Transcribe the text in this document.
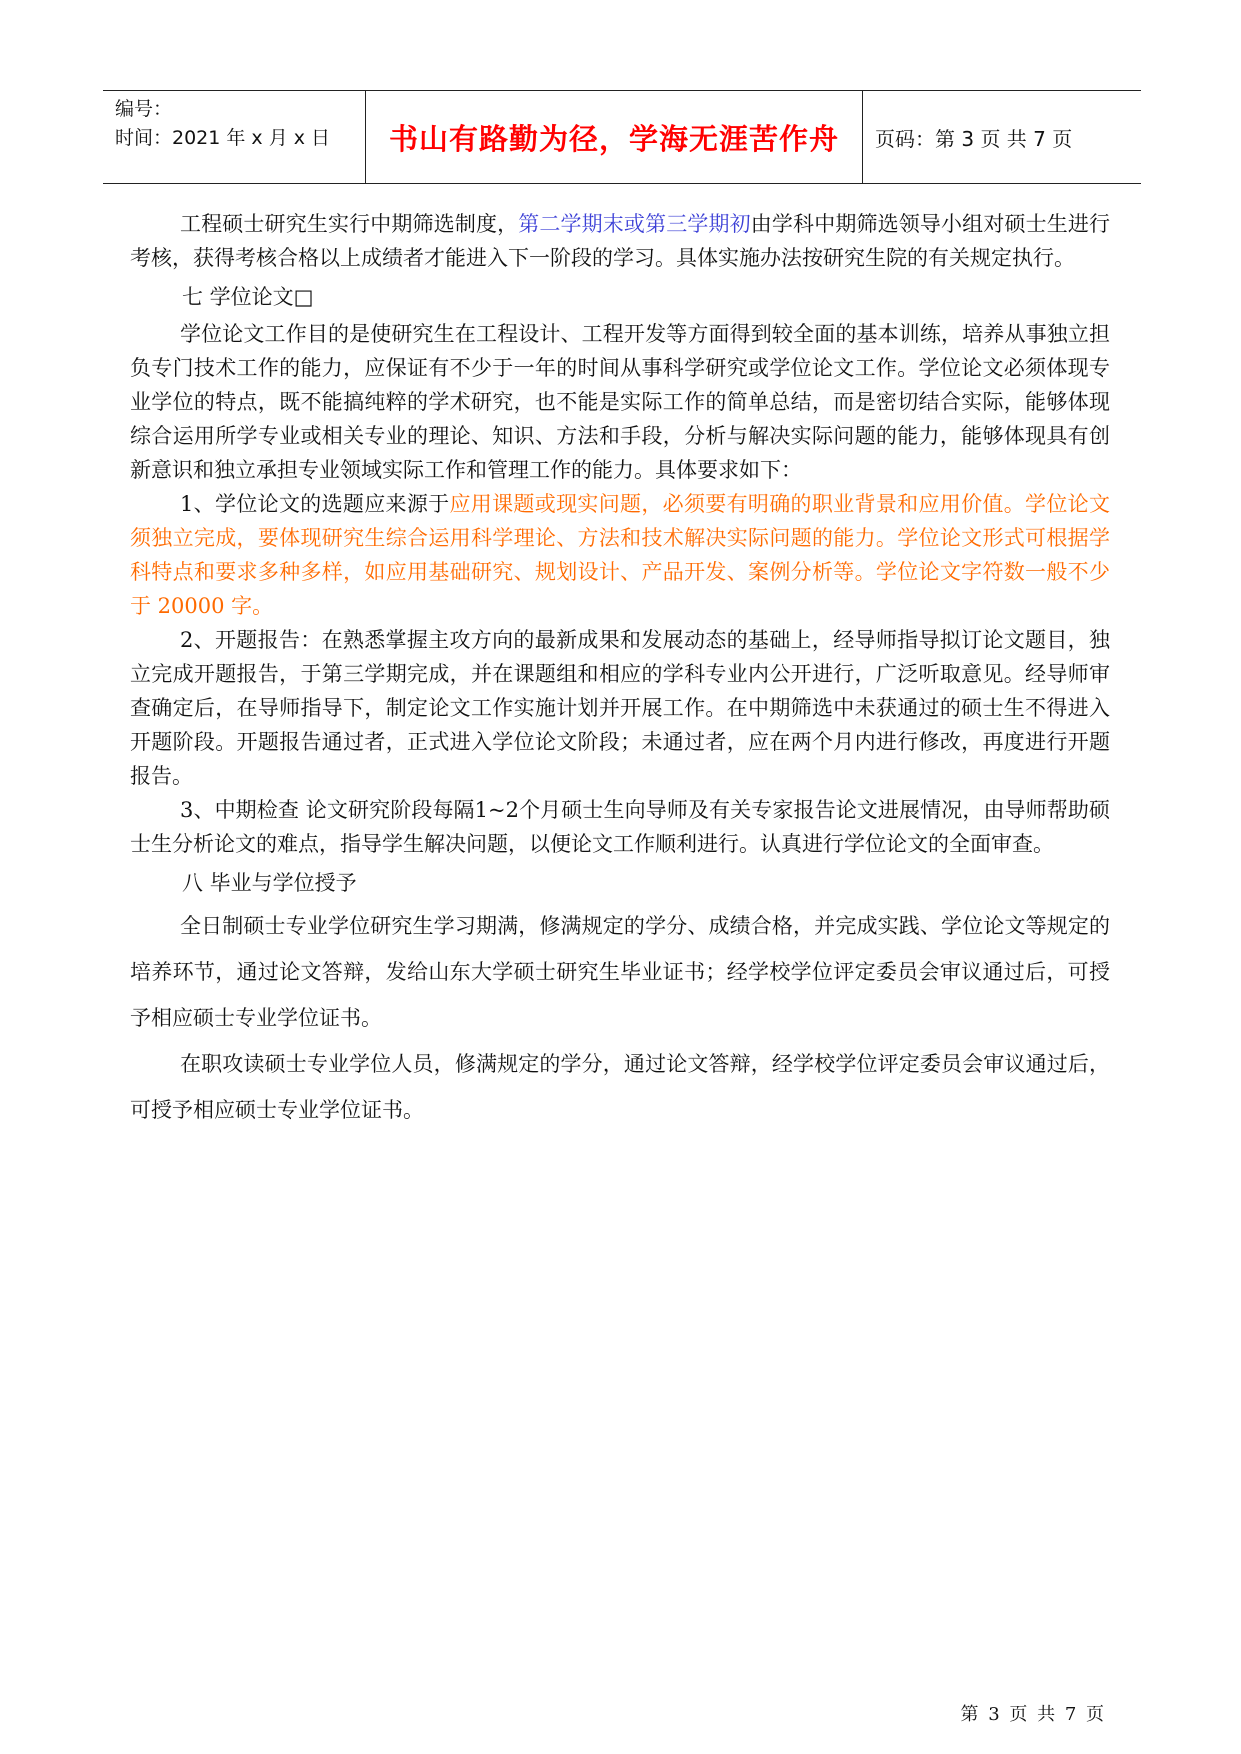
编号：
时间：2021 年 x 月 x 日	书山有路勤为径，学海无涯苦作舟 页码：第 3 页 共 7 页

工程硕士研究生实行中期筛选制度，第二学期末或第三学期初由学科中期筛选领导小组对硕士生进行考核，获得考核合格以上成绩者才能进入下一阶段的学习。具体实施办法按研究生院的有关规定执行。

七 学位论文□

学位论文工作目的是使研究生在工程设计、工程开发等方面得到较全面的基本训练，培养从事独立担负专门技术工作的能力，应保证有不少于一年的时间从事科学研究或学位论文工作。学位论文必须体现专业学位的特点，既不能搞纯粹的学术研究，也不能是实际工作的简单总结，而是密切结合实际，能够体现综合运用所学专业或相关专业的理论、知识、方法和手段，分析与解决实际问题的能力，能够体现具有创新意识和独立承担专业领域实际工作和管理工作的能力。具体要求如下：

1、学位论文的选题应来源于应用课题或现实问题，必须要有明确的职业背景和应用价值。学位论文须独立完成，要体现研究生综合运用科学理论、方法和技术解决实际问题的能力。学位论文形式可根据学科特点和要求多种多样，如应用基础研究、规划设计、产品开发、案例分析等。学位论文字符数一般不少于 20000 字。

2、开题报告：在熟悉掌握主攻方向的最新成果和发展动态的基础上，经导师指导拟订论文题目，独立完成开题报告，于第三学期完成，并在课题组和相应的学科专业内公开进行，广泛听取意见。经导师审查确定后，在导师指导下，制定论文工作实施计划并开展工作。在中期筛选中未获通过的硕士生不得进入开题阶段。开题报告通过者，正式进入学位论文阶段；未通过者，应在两个月内进行修改，再度进行开题报告。

3、中期检查 论文研究阶段每隔1~2个月硕士生向导师及有关专家报告论文进展情况，由导师帮助硕士生分析论文的难点，指导学生解决问题，以便论文工作顺利进行。认真进行学位论文的全面审查。

八 毕业与学位授予

全日制硕士专业学位研究生学习期满，修满规定的学分、成绩合格，并完成实践、学位论文等规定的培养环节，通过论文答辩，发给山东大学硕士研究生毕业证书；经学校学位评定委员会审议通过后，可授予相应硕士专业学位证书。

在职攻读硕士专业学位人员，修满规定的学分，通过论文答辩，经学校学位评定委员会审议通过后，可授予相应硕士专业学位证书。

第 3 页 共 7 页
